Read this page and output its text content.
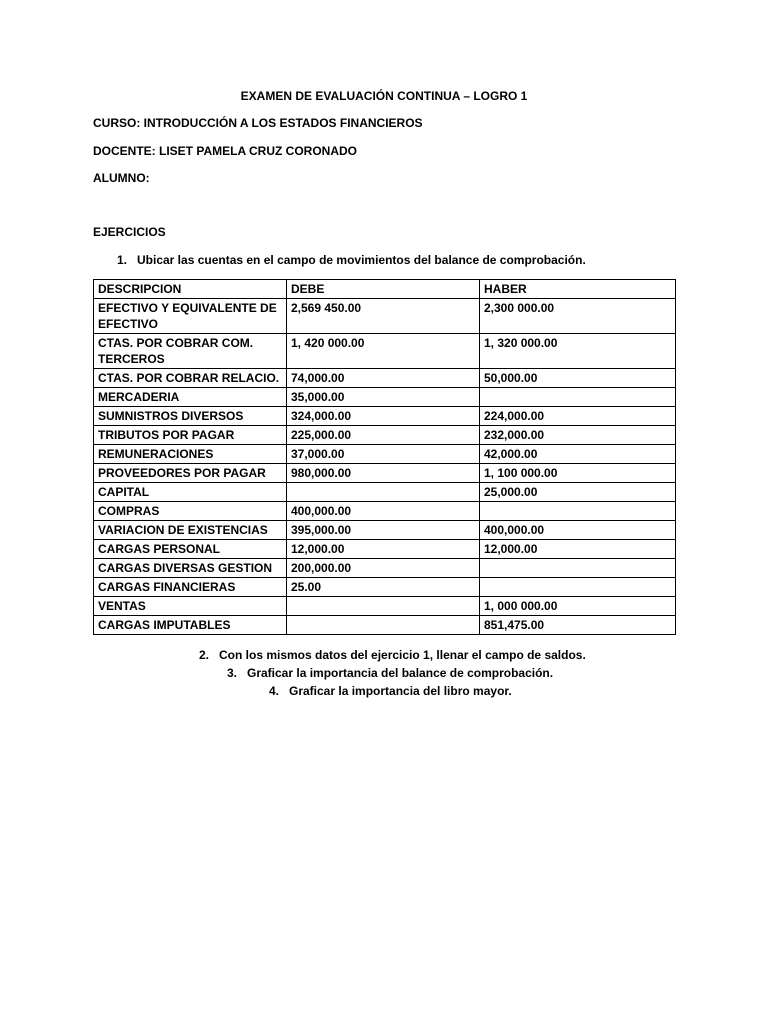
EXAMEN DE EVALUACIÓN CONTINUA – LOGRO 1
CURSO: INTRODUCCIÓN A LOS ESTADOS FINANCIEROS
DOCENTE: LISET PAMELA CRUZ CORONADO
ALUMNO:
EJERCICIOS
1. Ubicar las cuentas en el campo de movimientos del balance de comprobación.
DESCRIPCION	DEBE	HABER
EFECTIVO Y EQUIVALENTE DE EFECTIVO	2,569 450.00	2,300 000.00
CTAS. POR COBRAR COM. TERCEROS	1, 420 000.00	1, 320 000.00
CTAS. POR COBRAR RELACIO.	74,000.00	50,000.00
MERCADERIA	35,000.00	
SUMNISTROS DIVERSOS	324,000.00	224,000.00
TRIBUTOS POR PAGAR	225,000.00	232,000.00
REMUNERACIONES	37,000.00	42,000.00
PROVEEDORES POR PAGAR	980,000.00	1, 100 000.00
CAPITAL		25,000.00
COMPRAS	400,000.00	
VARIACION DE EXISTENCIAS	395,000.00	400,000.00
CARGAS PERSONAL	12,000.00	12,000.00
CARGAS DIVERSAS GESTION	200,000.00	
CARGAS FINANCIERAS	25.00	
VENTAS		1, 000 000.00
CARGAS IMPUTABLES		851,475.00
2. Con los mismos datos del ejercicio 1, llenar el campo de saldos.
3. Graficar la importancia del balance de comprobación.
4. Graficar la importancia del libro mayor.
